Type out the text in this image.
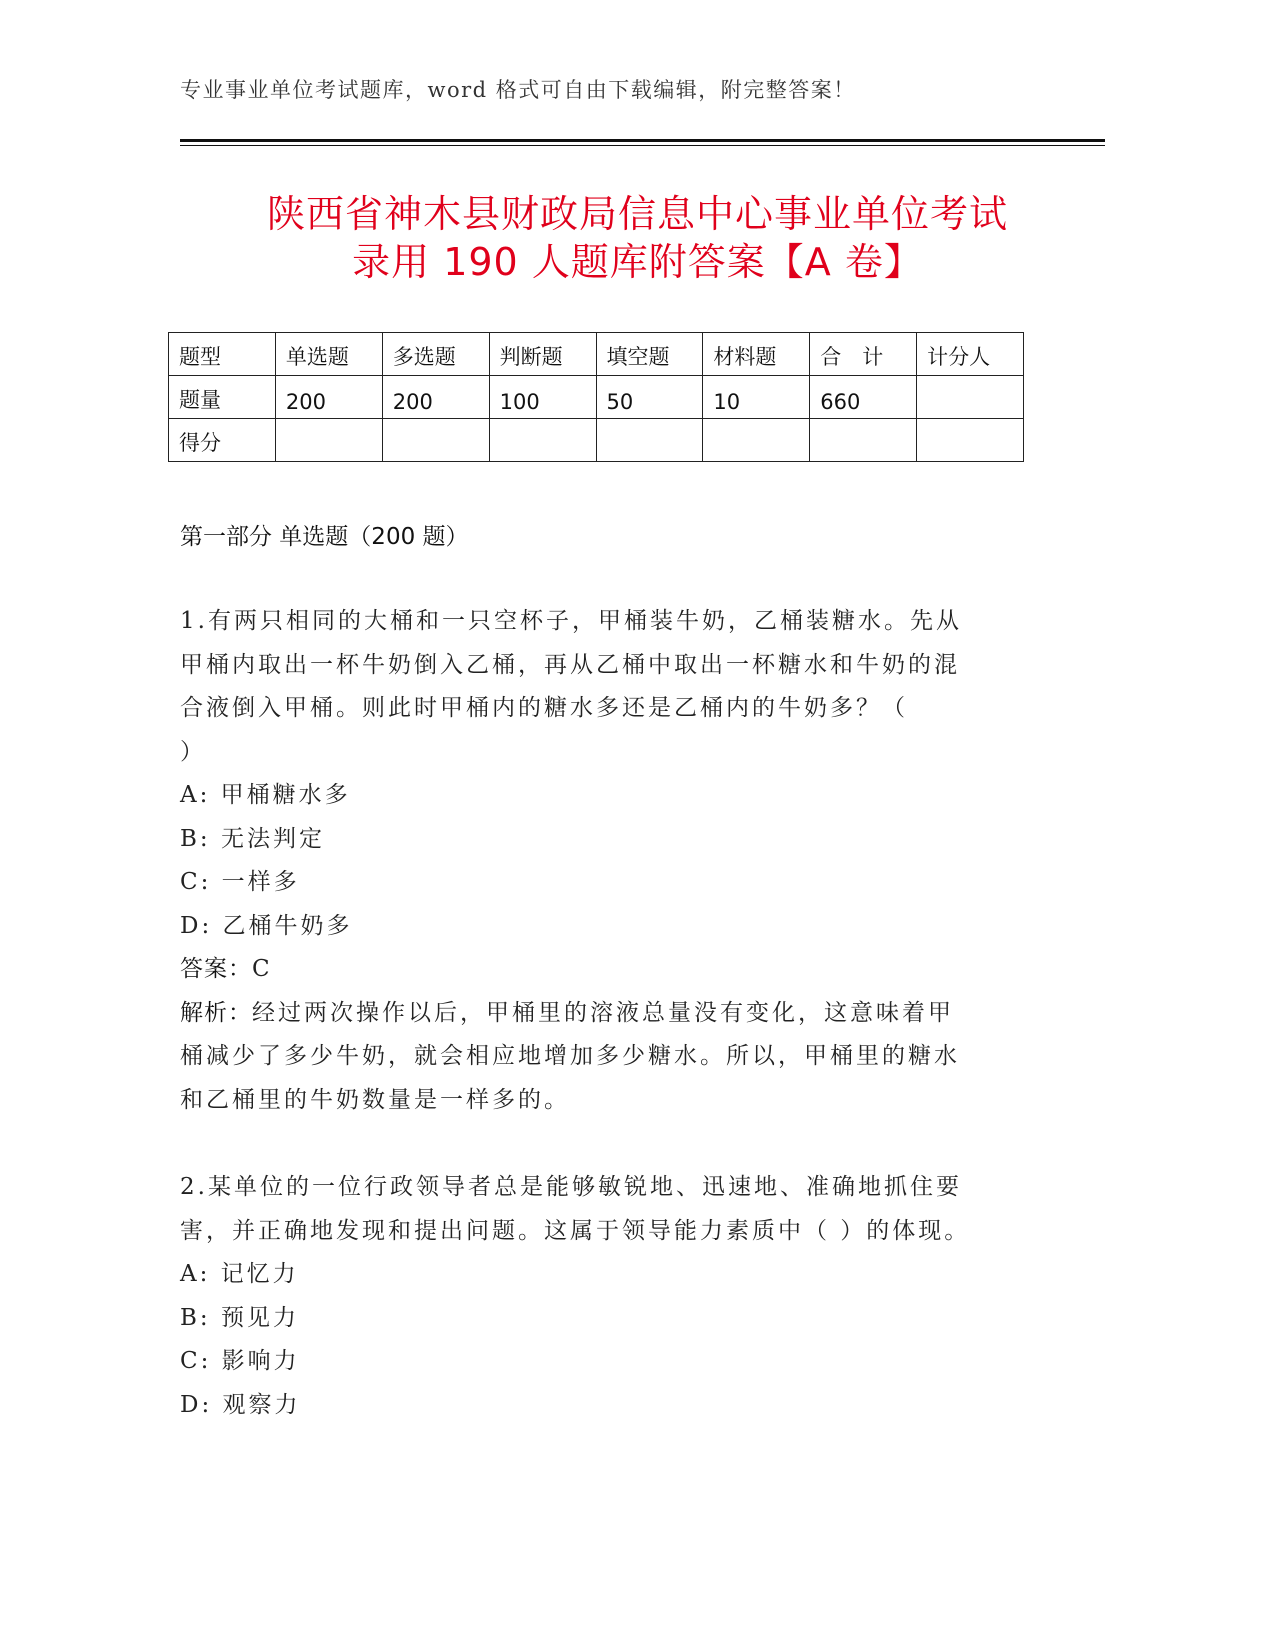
专业事业单位考试题库，word 格式可自由下载编辑，附完整答案！
陕西省神木县财政局信息中心事业单位考试
录用 190 人题库附答案【A 卷】
题型	单选题	多选题	判断题	填空题	材料题	合　计	计分人
题量	200	200	100	50	10	660	
得分							
第一部分 单选题（200 题）
1.有两只相同的大桶和一只空杯子，甲桶装牛奶，乙桶装糖水。先从
甲桶内取出一杯牛奶倒入乙桶，再从乙桶中取出一杯糖水和牛奶的混
合液倒入甲桶。则此时甲桶内的糖水多还是乙桶内的牛奶多？（
）
A: 甲桶糖水多
B: 无法判定
C: 一样多
D: 乙桶牛奶多
答案：C
解析：经过两次操作以后，甲桶里的溶液总量没有变化，这意味着甲
桶减少了多少牛奶，就会相应地增加多少糖水。所以，甲桶里的糖水
和乙桶里的牛奶数量是一样多的。
2.某单位的一位行政领导者总是能够敏锐地、迅速地、准确地抓住要
害，并正确地发现和提出问题。这属于领导能力素质中（ ）的体现。
A: 记忆力
B: 预见力
C: 影响力
D: 观察力
